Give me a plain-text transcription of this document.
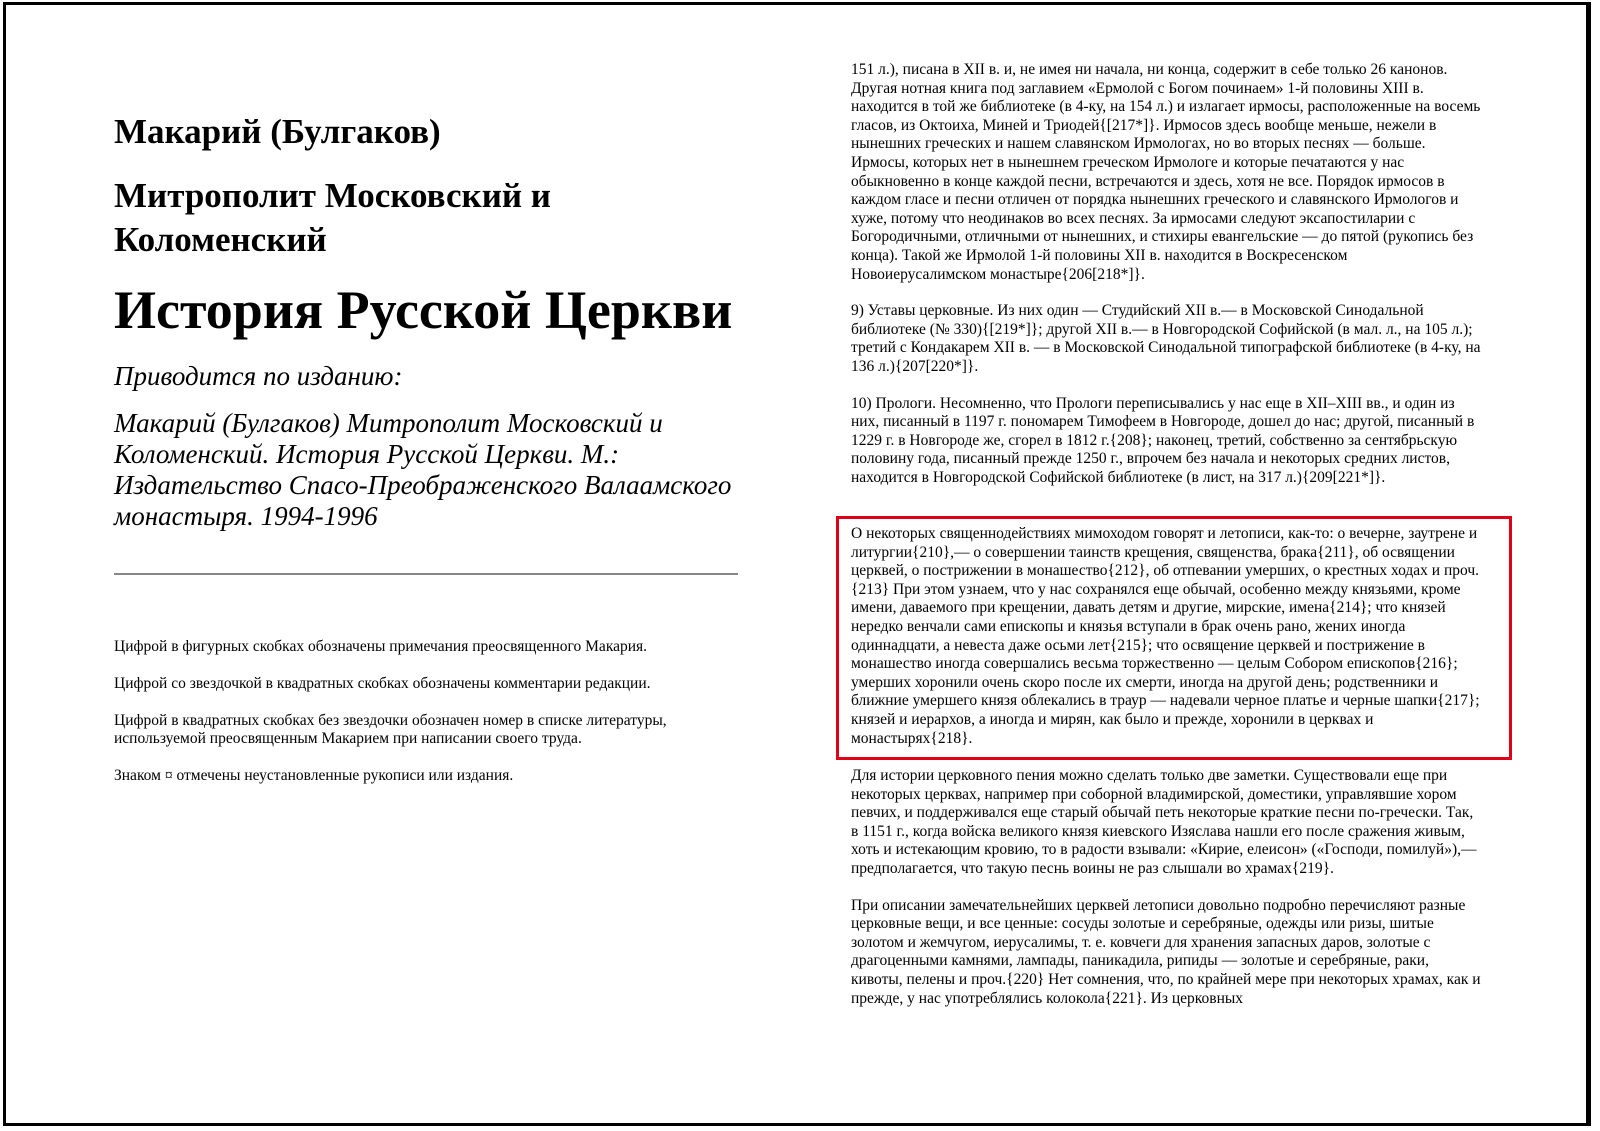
Макарий (Булгаков)
Митрополит Московский и Коломенский
История Русской Церкви
Приводится по изданию:
Макарий (Булгаков) Митрополит Московский и Коломенский. История Русской Церкви. М.: Издательство Спасо-Преображенского Валаамского монастыря. 1994-1996

Цифрой в фигурных скобках обозначены примечания преосвященного Макария.

Цифрой со звездочкой в квадратных скобках обозначены комментарии редакции.

Цифрой в квадратных скобках без звездочки обозначен номер в списке литературы, используемой преосвященным Макарием при написании своего труда.

Знаком ¤ отмечены неустановленные рукописи или издания.

151 л.), писана в XII в. и, не имея ни начала, ни конца, содержит в себе только 26 канонов. Другая нотная книга под заглавием «Ермолой с Богом починаем» 1-й половины XIII в. находится в той же библиотеке (в 4-ку, на 154 л.) и излагает ирмосы, расположенные на восемь гласов, из Октоиха, Миней и Триодей{[217*]}. Ирмосов здесь вообще меньше, нежели в нынешних греческих и нашем славянском Ирмологах, но во вторых песнях — больше. Ирмосы, которых нет в нынешнем греческом Ирмологе и которые печатаются у нас обыкновенно в конце каждой песни, встречаются и здесь, хотя не все. Порядок ирмосов в каждом гласе и песни отличен от порядка нынешних греческого и славянского Ирмологов и хуже, потому что неодинаков во всех песнях. За ирмосами следуют эксапостиларии с Богородичными, отличными от нынешних, и стихиры евангельские — до пятой (рукопись без конца). Такой же Ирмолой 1-й половины XII в. находится в Воскресенском Новоиерусалимском монастыре{206[218*]}.

9) Уставы церковные. Из них один — Студийский XII в.— в Московской Синодальной библиотеке (№ 330){[219*]}; другой XII в.— в Новгородской Софийской (в мал. л., на 105 л.); третий с Кондакарем XII в. — в Московской Синодальной типографской библиотеке (в 4-ку, на 136 л.){207[220*]}.

10) Прологи. Несомненно, что Прологи переписывались у нас еще в XII–XIII вв., и один из них, писанный в 1197 г. пономарем Тимофеем в Новгороде, дошел до нас; другой, писанный в 1229 г. в Новгороде же, сгорел в 1812 г.{208}; наконец, третий, собственно за сентябрьскую половину года, писанный прежде 1250 г., впрочем без начала и некоторых средних листов, находится в Новгородской Софийской библиотеке (в лист, на 317 л.){209[221*]}.

О некоторых священнодействиях мимоходом говорят и летописи, как-то: о вечерне, заутрене и литургии{210},— о совершении таинств крещения, священства, брака{211}, об освящении церквей, о пострижении в монашество{212}, об отпевании умерших, о крестных ходах и проч.{213} При этом узнаем, что у нас сохранялся еще обычай, особенно между князьями, кроме имени, даваемого при крещении, давать детям и другие, мирские, имена{214}; что князей нередко венчали сами епископы и князья вступали в брак очень рано, жених иногда одиннадцати, а невеста даже осьми лет{215}; что освящение церквей и пострижение в монашество иногда совершались весьма торжественно — целым Собором епископов{216}; умерших хоронили очень скоро после их смерти, иногда на другой день; родственники и ближние умершего князя облекались в траур — надевали черное платье и черные шапки{217}; князей и иерархов, а иногда и мирян, как было и прежде, хоронили в церквах и монастырях{218}.

Для истории церковного пения можно сделать только две заметки. Существовали еще при некоторых церквах, например при соборной владимирской, доместики, управлявшие хором певчих, и поддерживался еще старый обычай петь некоторые краткие песни по-гречески. Так, в 1151 г., когда войска великого князя киевского Изяслава нашли его после сражения живым, хоть и истекающим кровию, то в радости взывали: «Кирие, елеисон» («Господи, помилуй»),— предполагается, что такую песнь воины не раз слышали во храмах{219}.

При описании замечательнейших церквей летописи довольно подробно перечисляют разные церковные вещи, и все ценные: сосуды золотые и серебряные, одежды или ризы, шитые золотом и жемчугом, иерусалимы, т. е. ковчеги для хранения запасных даров, золотые с драгоценными камнями, лампады, паникадила, рипиды — золотые и серебряные, раки, кивоты, пелены и проч.{220} Нет сомнения, что, по крайней мере при некоторых храмах, как и прежде, у нас употреблялись колокола{221}. Из церковных
